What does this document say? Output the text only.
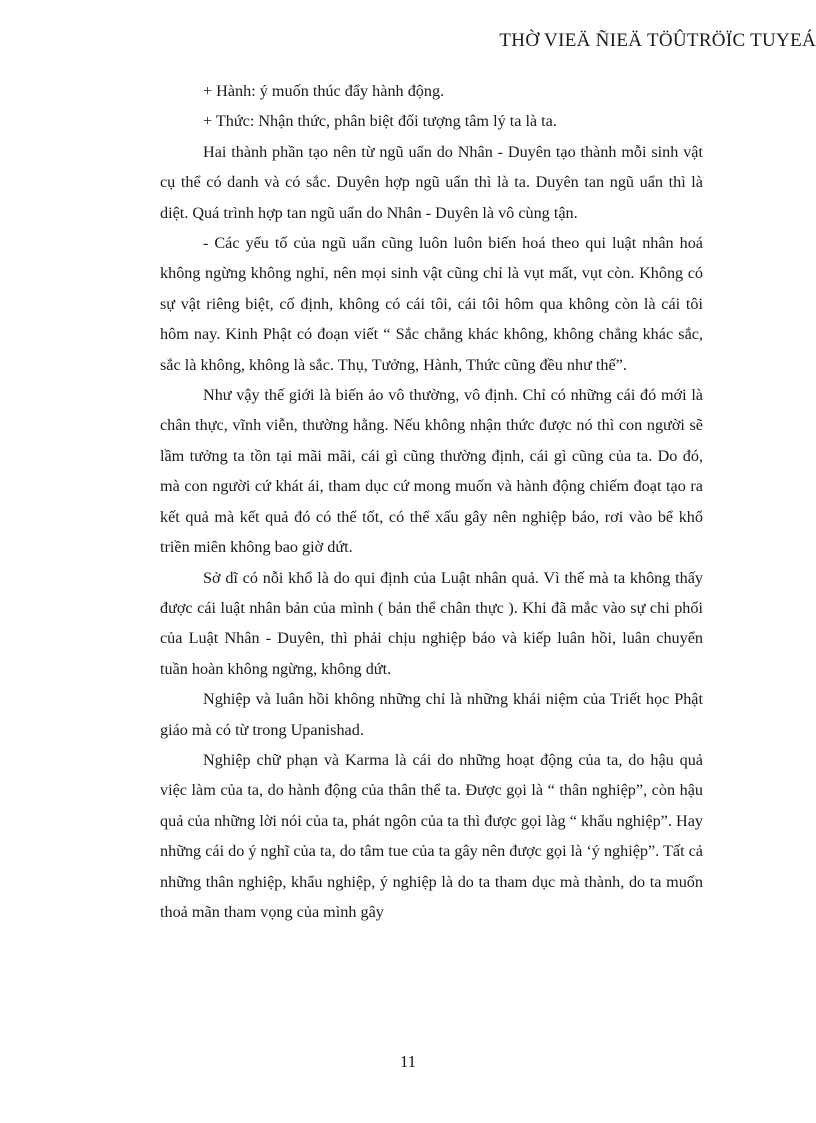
THỜ VIEÄ ÑIEÄ TÖÛTRÖÏC TUYEÁ

+ Hành: ý muốn thúc đẩy hành động.

+ Thức: Nhận thức, phân biệt đối tượng tâm lý ta là ta.

Hai thành phần tạo nên từ ngũ uẩn do Nhân - Duyên tạo thành mỗi sinh vật cụ thể có danh và có sắc. Duyên hợp ngũ uẩn thì là ta. Duyên tan ngũ uẩn thì là diệt. Quá trình hợp tan ngũ uẩn do Nhân - Duyên là vô cùng tận.

- Các yếu tố của ngũ uẩn cũng luôn luôn biến hoá theo qui luật nhân hoá không ngừng không nghỉ, nên mọi sinh vật cũng chỉ là vụt mất, vụt còn. Không có sự vật riêng biệt, cố định, không có cái tôi, cái tôi hôm qua không còn là cái tôi hôm nay. Kinh Phật có đoạn viết “ Sắc chẳng khác không, không chẳng khác sắc, sắc là không, không là sắc. Thụ, Tưởng, Hành, Thức cũng đều như thế”.

Như vậy thế giới là biến ảo vô thường, vô định. Chỉ có những cái đó mới là chân thực, vĩnh viễn, thường hằng. Nếu không nhận thức được nó thì con người sẽ lầm tưởng ta tồn tại mãi mãi, cái gì cũng thường định, cái gì cũng của ta. Do đó, mà con người cứ khát ái, tham dục cứ mong muốn và hành động chiếm đoạt tạo ra kết quả mà kết quả đó có thể tốt, có thể xấu gây nên nghiệp báo, rơi vào bể khổ triền miên không bao giờ dứt.

Sở dĩ có nỗi khổ là do qui định của Luật nhân quả. Vì thế mà ta không thấy được cái luật nhân bản của mình ( bản thể chân thực ). Khi đã mắc vào sự chi phối của Luật Nhân - Duyên, thì phải chịu nghiệp báo và kiếp luân hồi, luân chuyển tuần hoàn không ngừng, không dứt.

Nghiệp và luân hồi không những chỉ là những khái niệm của Triết học Phật giáo mà có từ trong Upanishad.

Nghiệp chữ phạn và Karma là cái do những hoạt động của ta, do hậu quả việc làm của ta, do hành động của thân thể ta. Được gọi là “ thân nghiệp”, còn hậu quả của những lời nói của ta, phát ngôn của ta thì được gọi làg “ khẩu nghiệp”. Hay những cái do ý nghĩ của ta, do tâm tue của ta gây nên được gọi là ‘ý nghiệp”. Tất cả những thân nghiệp, khẩu nghiệp, ý nghiệp là do ta tham dục mà thành, do ta muốn thoả mãn tham vọng của mình gây

11
